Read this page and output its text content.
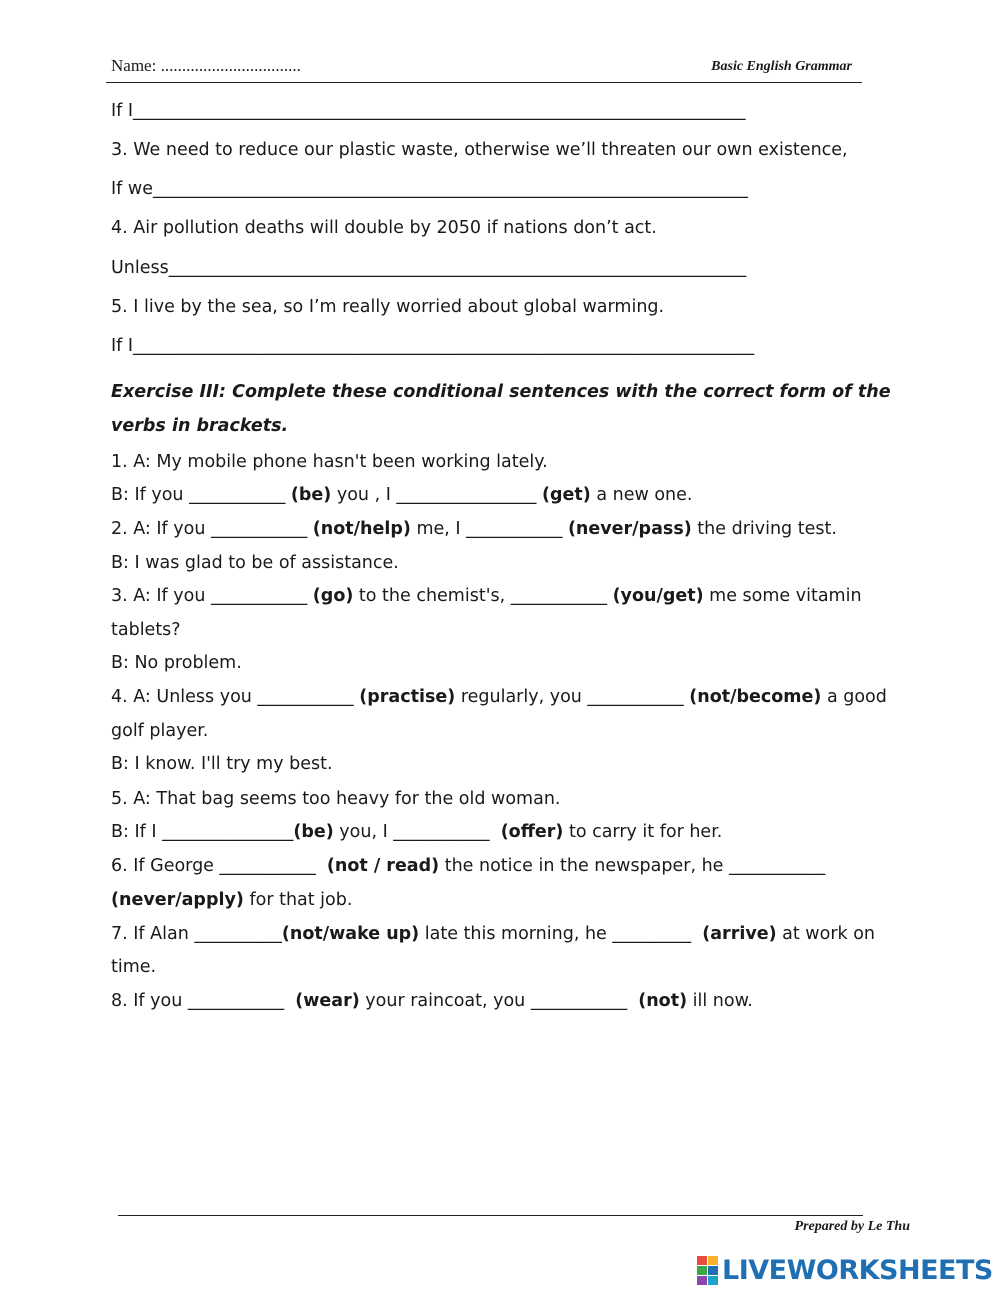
Name: .................................	Basic English Grammar
If I______________________________________________________________________
3. We need to reduce our plastic waste, otherwise we’ll threaten our own existence,
If we____________________________________________________________________
4. Air pollution deaths will double by 2050 if nations don’t act.
Unless__________________________________________________________________
5. I live by the sea, so I’m really worried about global warming.
If I_______________________________________________________________________
1. A: My mobile phone hasn't been working lately.
B: If you ___________ (be) you , I ________________ (get) a new one.
2. A: If you ___________ (not/help) me, I ___________ (never/pass) the driving test.
B: I was glad to be of assistance.
3. A: If you ___________ (go) to the chemist's, ___________ (you/get) me some vitamin
tablets?
B: No problem.
4. A: Unless you ___________ (practise) regularly, you ___________ (not/become) a good
golf player.
B: I know. I'll try my best.
5. A: That bag seems too heavy for the old woman.
B: If I _______________(be) you, I ___________  (offer) to carry it for her.
6. If George ___________  (not / read) the notice in the newspaper, he ___________
(never/apply) for that job.
7. If Alan __________(not/wake up) late this morning, he _________  (arrive) at work on
time.
8. If you ___________  (wear) your raincoat, you ___________  (not) ill now.
Exercise III: Complete these conditional sentences with the correct form of the verbs in brackets.
Prepared by Le Thu
LIVEWORKSHEETS
